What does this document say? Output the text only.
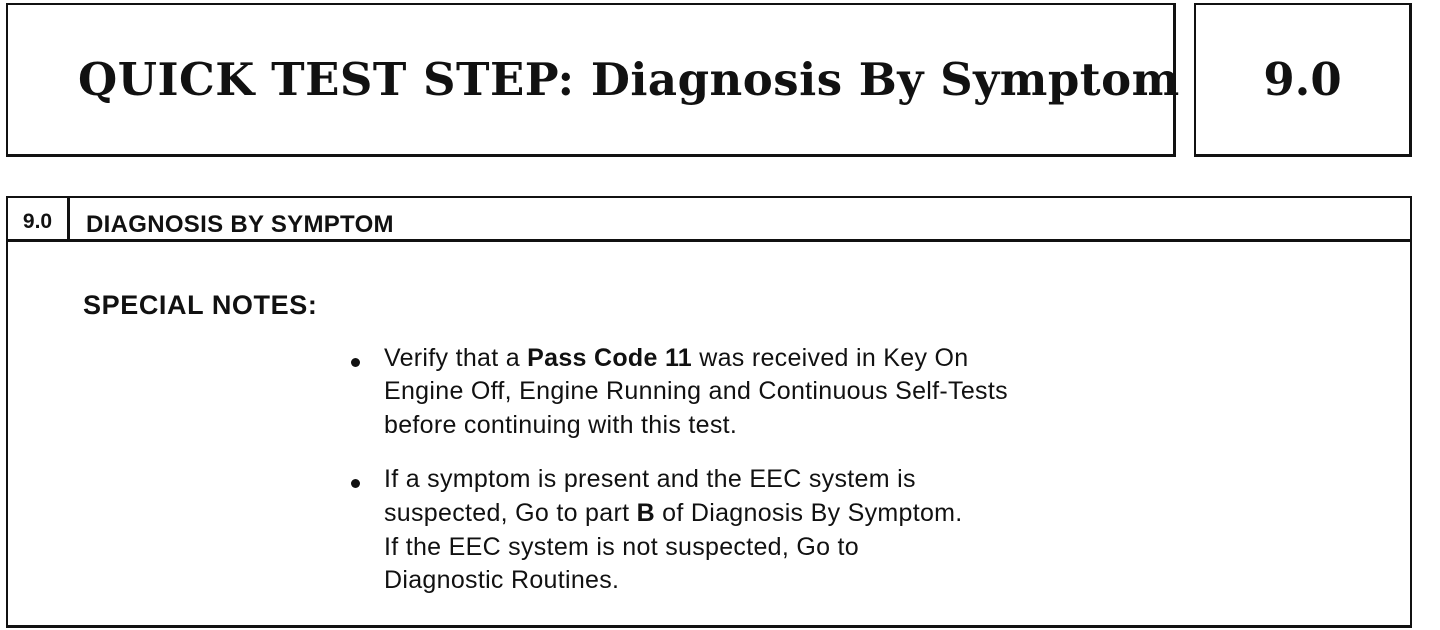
QUICK TEST STEP: Diagnosis By Symptom	9.0
9.0	DIAGNOSIS BY SYMPTOM
SPECIAL NOTES:
Verify that a Pass Code 11 was received in Key On
Engine Off, Engine Running and Continuous Self-Tests
before continuing with this test.
If a symptom is present and the EEC system is
suspected, Go to part B of Diagnosis By Symptom.
If the EEC system is not suspected, Go to
Diagnostic Routines.
